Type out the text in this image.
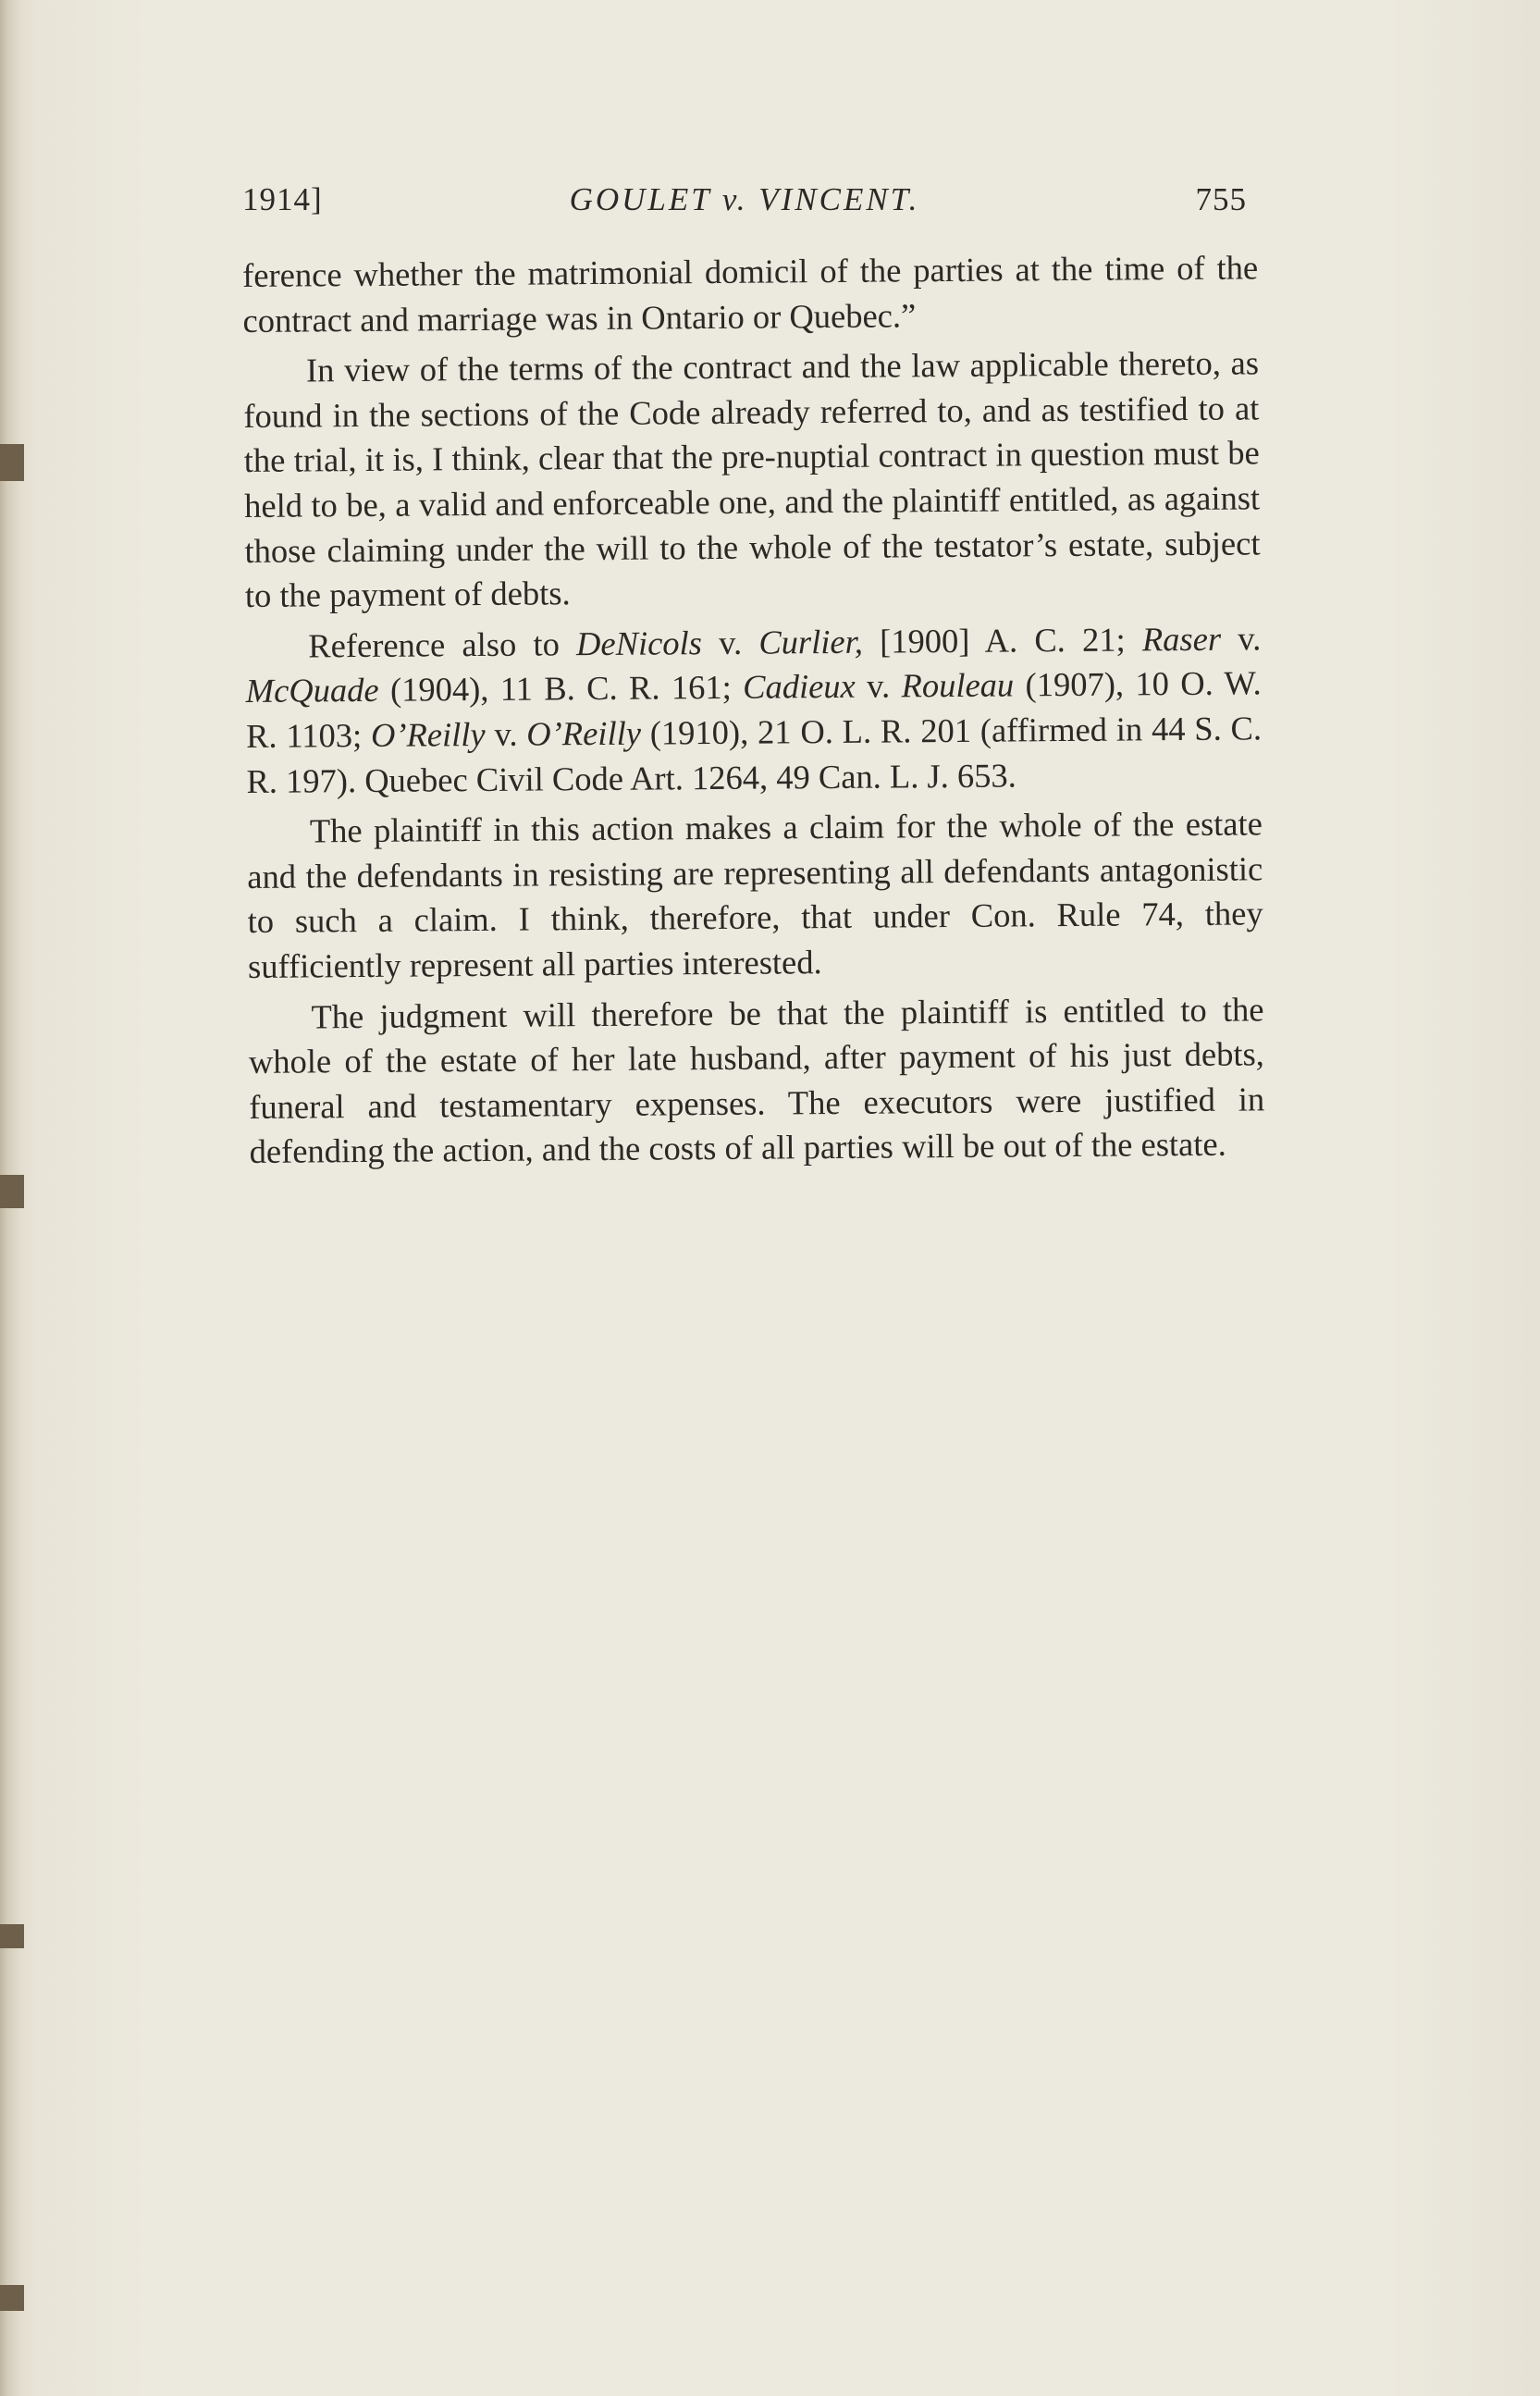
1914]	GOULET v. VINCENT.	755

ference whether the matrimonial domicil of the parties at the time of the contract and marriage was in Ontario or Quebec.”

In view of the terms of the contract and the law applicable thereto, as found in the sections of the Code already referred to, and as testified to at the trial, it is, I think, clear that the pre-nuptial contract in question must be held to be, a valid and enforceable one, and the plaintiff entitled, as against those claiming under the will to the whole of the testator’s estate, subject to the payment of debts.

Reference also to DeNicols v. Curlier, [1900] A. C. 21; Raser v. McQuade (1904), 11 B. C. R. 161; Cadieux v. Rouleau (1907), 10 O. W. R. 1103; O’Reilly v. O’Reilly (1910), 21 O. L. R. 201 (affirmed in 44 S. C. R. 197). Quebec Civil Code Art. 1264, 49 Can. L. J. 653.

The plaintiff in this action makes a claim for the whole of the estate and the defendants in resisting are representing all defendants antagonistic to such a claim. I think, therefore, that under Con. Rule 74, they sufficiently represent all parties interested.

The judgment will therefore be that the plaintiff is entitled to the whole of the estate of her late husband, after payment of his just debts, funeral and testamentary expenses. The executors were justified in defending the action, and the costs of all parties will be out of the estate.
